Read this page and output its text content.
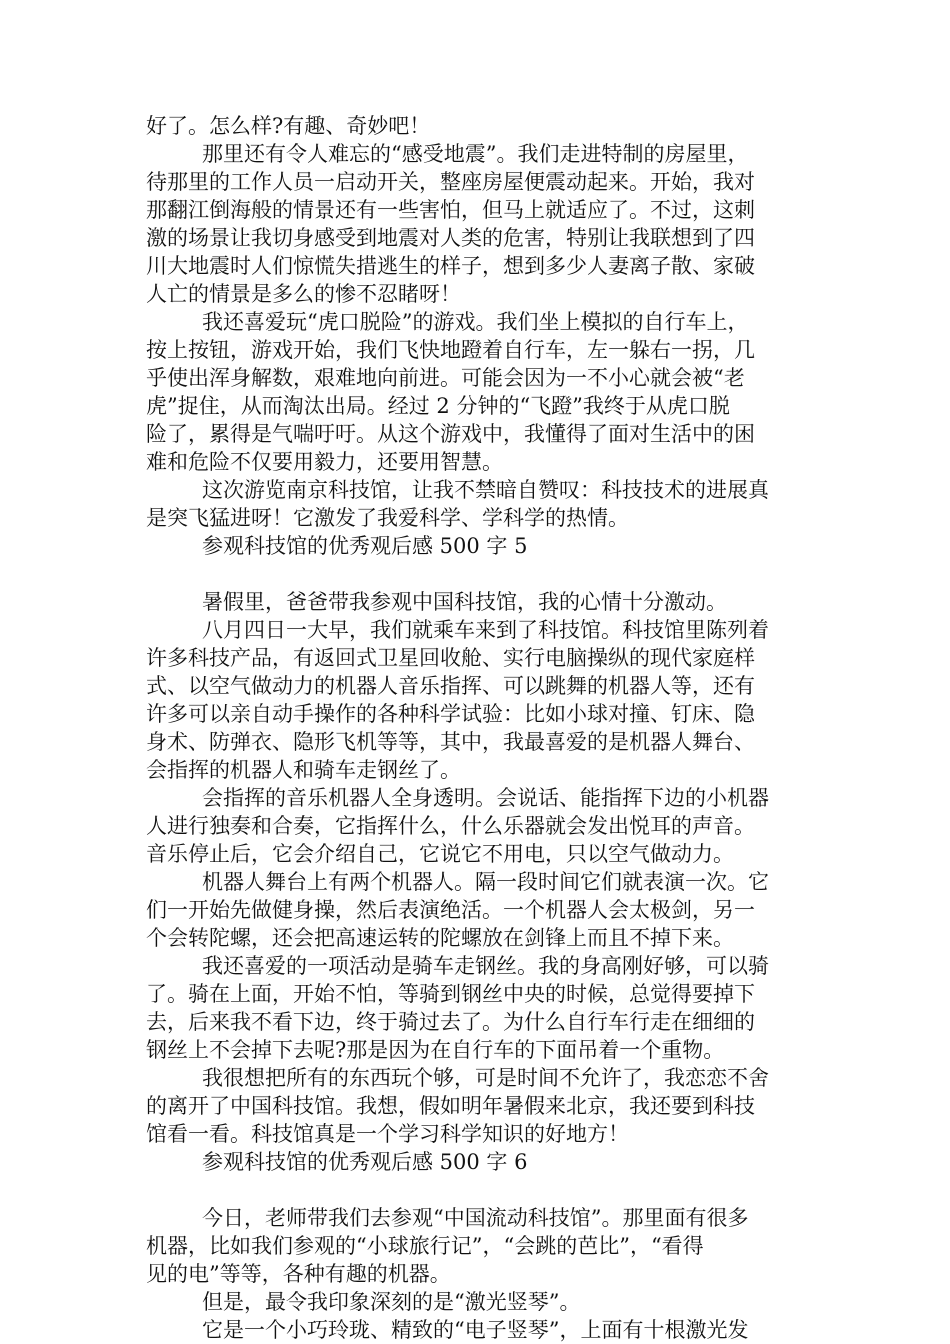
好了。怎么样?有趣、奇妙吧！
那里还有令人难忘的“感受地震”。我们走进特制的房屋里，
待那里的工作人员一启动开关，整座房屋便震动起来。开始，我对
那翻江倒海般的情景还有一些害怕，但马上就适应了。不过，这刺
激的场景让我切身感受到地震对人类的危害，特别让我联想到了四
川大地震时人们惊慌失措逃生的样子，想到多少人妻离子散、家破
人亡的情景是多么的惨不忍睹呀！
我还喜爱玩“虎口脱险”的游戏。我们坐上模拟的自行车上，
按上按钮，游戏开始，我们飞快地蹬着自行车，左一躲右一拐，几
乎使出浑身解数，艰难地向前进。可能会因为一不小心就会被“老
虎”捉住，从而淘汰出局。经过 2 分钟的“飞蹬”我终于从虎口脱
险了，累得是气喘吁吁。从这个游戏中，我懂得了面对生活中的困
难和危险不仅要用毅力，还要用智慧。
这次游览南京科技馆，让我不禁暗自赞叹：科技技术的进展真
是突飞猛进呀！它激发了我爱科学、学科学的热情。
参观科技馆的优秀观后感 500 字 5
暑假里，爸爸带我参观中国科技馆，我的心情十分激动。
八月四日一大早，我们就乘车来到了科技馆。科技馆里陈列着
许多科技产品，有返回式卫星回收舱、实行电脑操纵的现代家庭样
式、以空气做动力的机器人音乐指挥、可以跳舞的机器人等，还有
许多可以亲自动手操作的各种科学试验：比如小球对撞、钉床、隐
身术、防弹衣、隐形飞机等等，其中，我最喜爱的是机器人舞台、
会指挥的机器人和骑车走钢丝了。
会指挥的音乐机器人全身透明。会说话、能指挥下边的小机器
人进行独奏和合奏，它指挥什么，什么乐器就会发出悦耳的声音。
音乐停止后，它会介绍自己，它说它不用电，只以空气做动力。
机器人舞台上有两个机器人。隔一段时间它们就表演一次。它
们一开始先做健身操，然后表演绝活。一个机器人会太极剑，另一
个会转陀螺，还会把高速运转的陀螺放在剑锋上而且不掉下来。
我还喜爱的一项活动是骑车走钢丝。我的身高刚好够，可以骑
了。骑在上面，开始不怕，等骑到钢丝中央的时候，总觉得要掉下
去，后来我不看下边，终于骑过去了。为什么自行车行走在细细的
钢丝上不会掉下去呢?那是因为在自行车的下面吊着一个重物。
我很想把所有的东西玩个够，可是时间不允许了，我恋恋不舍
的离开了中国科技馆。我想，假如明年暑假来北京，我还要到科技
馆看一看。科技馆真是一个学习科学知识的好地方！
参观科技馆的优秀观后感 500 字 6
今日，老师带我们去参观“中国流动科技馆”。那里面有很多
机器，比如我们参观的“小球旅行记”，“会跳的芭比”，“看得
见的电”等等，各种有趣的机器。
但是，最令我印象深刻的是“激光竖琴”。
它是一个小巧玲珑、精致的“电子竖琴”，上面有十根激光发
